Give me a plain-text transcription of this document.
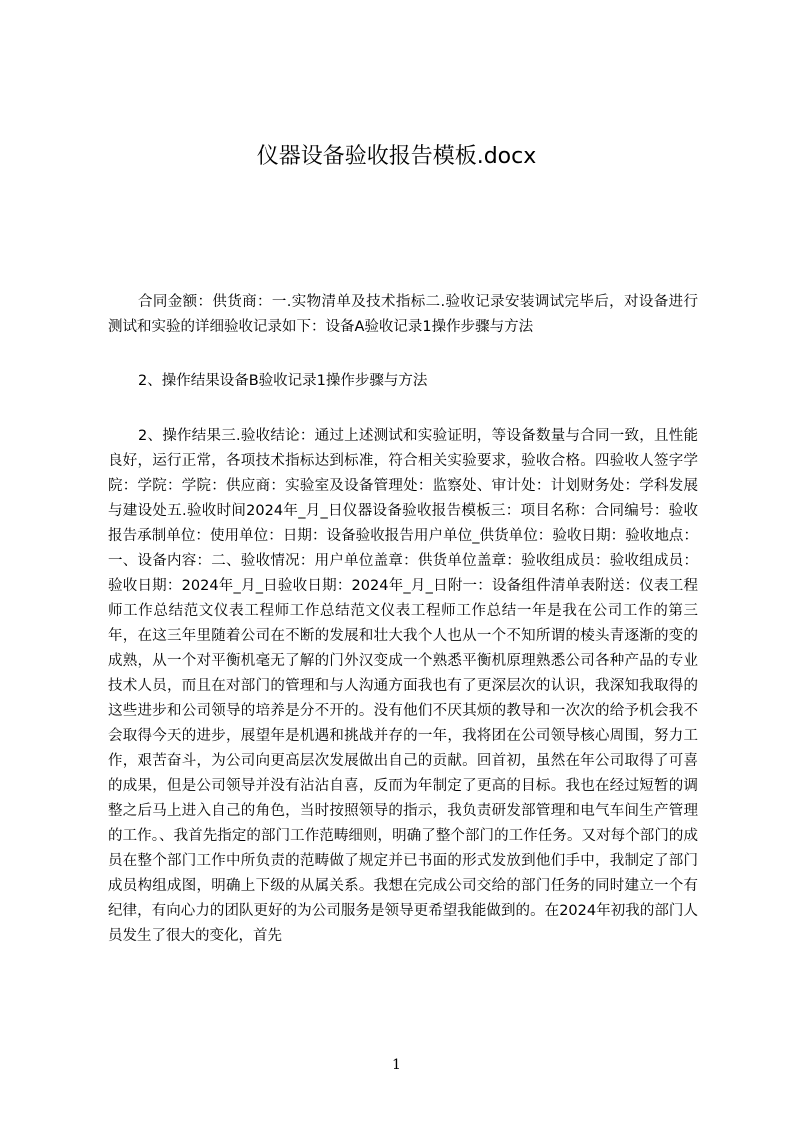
仪器设备验收报告模板.docx

合同金额：供货商：一.实物清单及技术指标二.验收记录安装调试完毕后，对设备进行测试和实验的详细验收记录如下：设备A验收记录1操作步骤与方法

2、操作结果设备B验收记录1操作步骤与方法

2、操作结果三.验收结论：通过上述测试和实验证明，等设备数量与合同一致，且性能良好，运行正常，各项技术指标达到标准，符合相关实验要求，验收合格。四验收人签字学院：学院：学院：供应商：实验室及设备管理处：监察处、审计处：计划财务处：学科发展与建设处五.验收时间2024年_月_日仪器设备验收报告模板三：项目名称：合同编号：验收报告承制单位：使用单位：日期：设备验收报告用户单位_供货单位：验收日期：验收地点：一、设备内容：二、验收情况：用户单位盖章：供货单位盖章：验收组成员：验收组成员：验收日期：2024年_月_日验收日期：2024年_月_日附一：设备组件清单表附送：仪表工程师工作总结范文仪表工程师工作总结范文仪表工程师工作总结一年是我在公司工作的第三年，在这三年里随着公司在不断的发展和壮大我个人也从一个不知所谓的棱头青逐渐的变的成熟，从一个对平衡机毫无了解的门外汉变成一个熟悉平衡机原理熟悉公司各种产品的专业技术人员，而且在对部门的管理和与人沟通方面我也有了更深层次的认识，我深知我取得的这些进步和公司领导的培养是分不开的。没有他们不厌其烦的教导和一次次的给予机会我不会取得今天的进步，展望年是机遇和挑战并存的一年，我将团在公司领导核心周围，努力工作，艰苦奋斗，为公司向更高层次发展做出自己的贡献。回首初，虽然在年公司取得了可喜的成果，但是公司领导并没有沾沾自喜，反而为年制定了更高的目标。我也在经过短暂的调整之后马上进入自己的角色，当时按照领导的指示，我负责研发部管理和电气车间生产管理的工作。、我首先指定的部门工作范畴细则，明确了整个部门的工作任务。又对每个部门的成员在整个部门工作中所负责的范畴做了规定并已书面的形式发放到他们手中，我制定了部门成员构组成图，明确上下级的从属关系。我想在完成公司交给的部门任务的同时建立一个有纪律，有向心力的团队更好的为公司服务是领导更希望我能做到的。在2024年初我的部门人员发生了很大的变化，首先

1
